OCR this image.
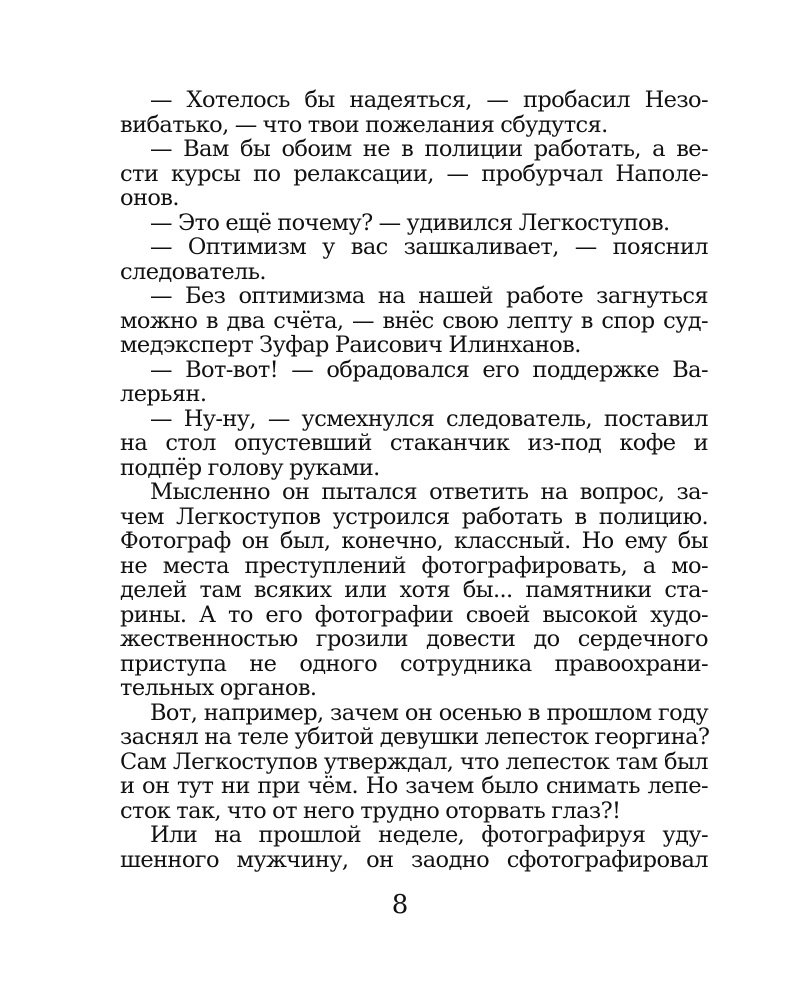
— Хотелось бы надеяться, — пробасил Незо-
вибатько, — что твои пожелания сбудутся.
— Вам бы обоим не в полиции работать, а ве-
сти курсы по релаксации, — пробурчал Наполе-
онов.
— Это ещё почему? — удивился Легкоступов.
— Оптимизм у вас зашкаливает, — пояснил
следователь.
— Без оптимизма на нашей работе загнуться
можно в два счёта, — внёс свою лепту в спор суд-
медэксперт Зуфар Раисович Илинханов.
— Вот-вот! — обрадовался его поддержке Ва-
лерьян.
— Ну-ну, — усмехнулся следователь, поставил
на стол опустевший стаканчик из-под кофе и
подпёр голову руками.
Мысленно он пытался ответить на вопрос, за-
чем Легкоступов устроился работать в полицию.
Фотограф он был, конечно, классный. Но ему бы
не места преступлений фотографировать, а мо-
делей там всяких или хотя бы... памятники ста-
рины. А то его фотографии своей высокой худо-
жественностью грозили довести до сердечного
приступа не одного сотрудника правоохрани-
тельных органов.
Вот, например, зачем он осенью в прошлом году
заснял на теле убитой девушки лепесток георгина?
Сам Легкоступов утверждал, что лепесток там был
и он тут ни при чём. Но зачем было снимать лепе-
сток так, что от него трудно оторвать глаз?!
Или на прошлой неделе, фотографируя уду-
шенного мужчину, он заодно сфотографировал
8
